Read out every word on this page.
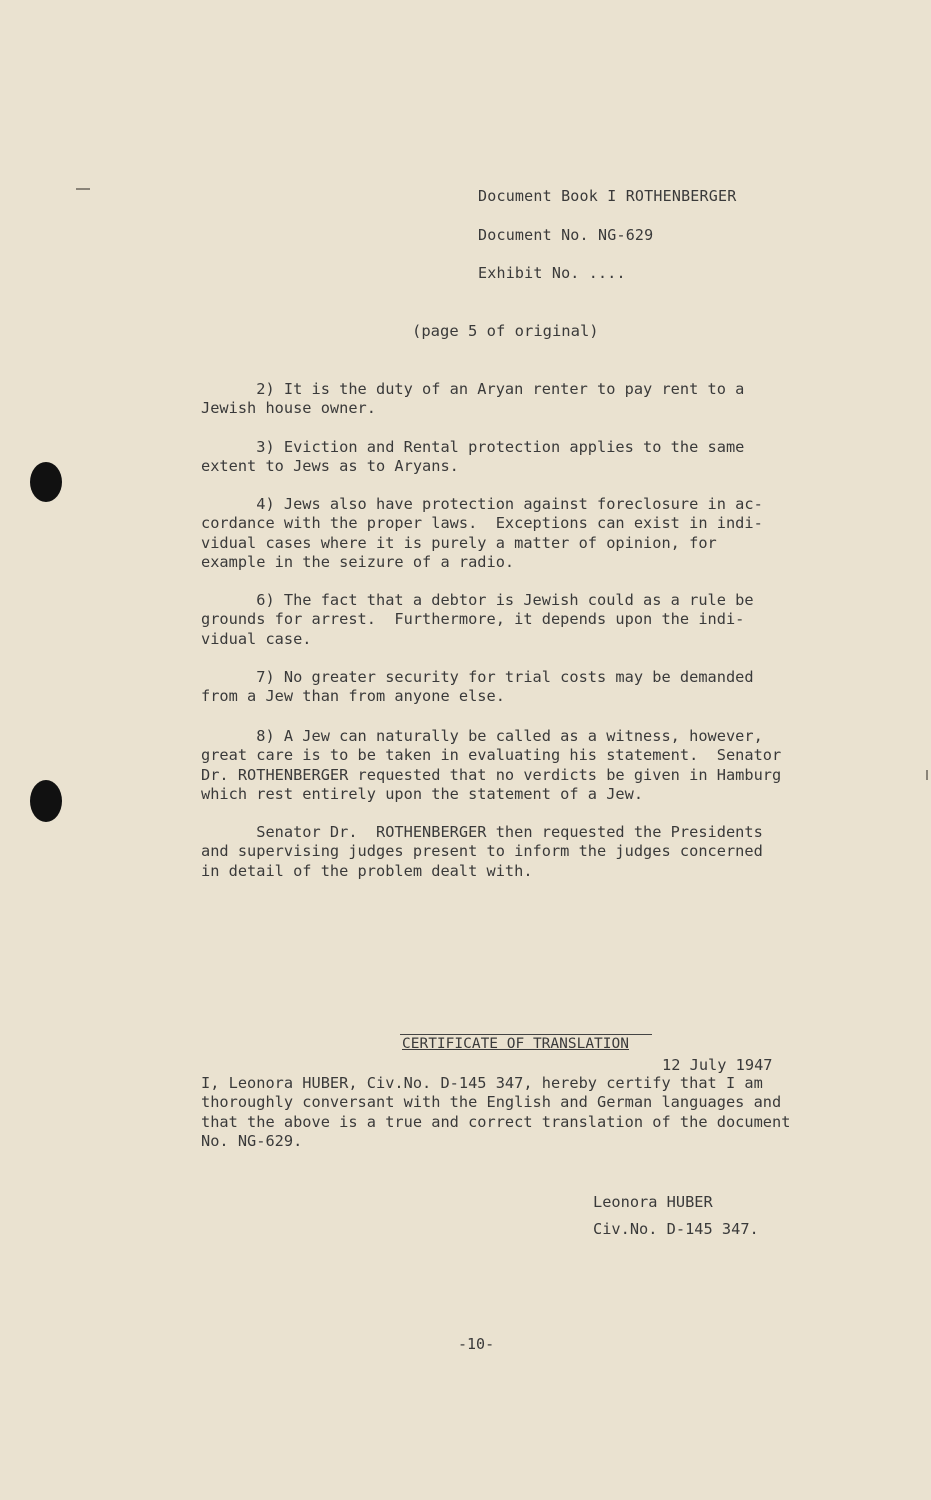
Document Book I ROTHENBERGER
Document No. NG-629
Exhibit No. ....
(page 5 of original)
2) It is the duty of an Aryan renter to pay rent to a
Jewish house owner.
3) Eviction and Rental protection applies to the same
extent to Jews as to Aryans.
4) Jews also have protection against foreclosure in ac-
cordance with the proper laws.  Exceptions can exist in indi-
vidual cases where it is purely a matter of opinion, for
example in the seizure of a radio.
6) The fact that a debtor is Jewish could as a rule be
grounds for arrest.  Furthermore, it depends upon the indi-
vidual case.
7) No greater security for trial costs may be demanded
from a Jew than from anyone else.
8) A Jew can naturally be called as a witness, however,
great care is to be taken in evaluating his statement.  Senator
Dr. ROTHENBERGER requested that no verdicts be given in Hamburg
which rest entirely upon the statement of a Jew.
Senator Dr.  ROTHENBERGER then requested the Presidents
and supervising judges present to inform the judges concerned
in detail of the problem dealt with.
CERTIFICATE OF TRANSLATION
12 July 1947
I, Leonora HUBER, Civ.No. D-145 347, hereby certify that I am
thoroughly conversant with the English and German languages and
that the above is a true and correct translation of the document
No. NG-629.
Leonora HUBER
Civ.No. D-145 347.
-10-
